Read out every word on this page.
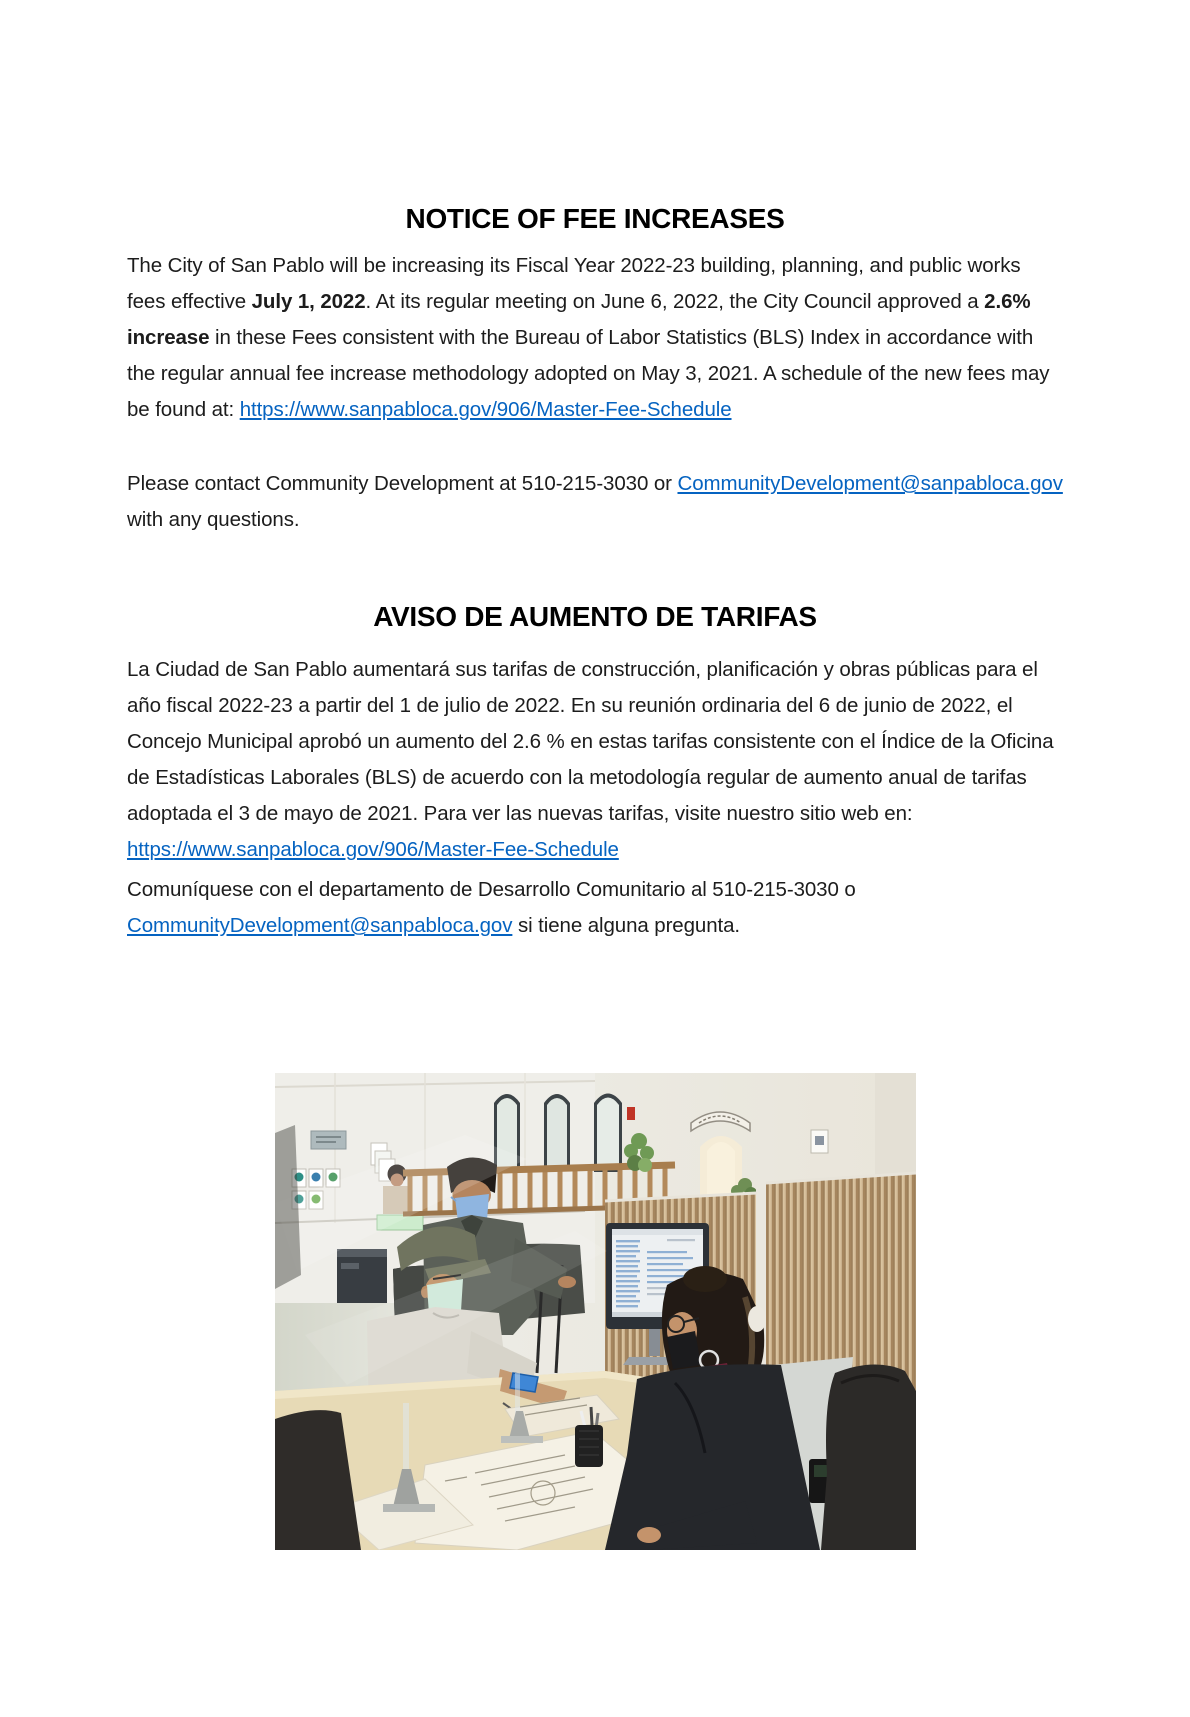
NOTICE OF FEE INCREASES
The City of San Pablo will be increasing its Fiscal Year 2022-23 building, planning, and public works fees effective July 1, 2022. At its regular meeting on June 6, 2022, the City Council approved a 2.6% increase in these Fees consistent with the Bureau of Labor Statistics (BLS) Index in accordance with the regular annual fee increase methodology adopted on May 3, 2021. A schedule of the new fees may be found at: https://www.sanpabloca.gov/906/Master-Fee-Schedule
Please contact Community Development at 510-215-3030 or CommunityDevelopment@sanpabloca.gov with any questions.
AVISO DE AUMENTO DE TARIFAS
La Ciudad de San Pablo aumentará sus tarifas de construcción, planificación y obras públicas para el año fiscal 2022-23 a partir del 1 de julio de 2022. En su reunión ordinaria del 6 de junio de 2022, el Concejo Municipal aprobó un aumento del 2.6 % en estas tarifas consistente con el Índice de la Oficina de Estadísticas Laborales (BLS) de acuerdo con la metodología regular de aumento anual de tarifas adoptada el 3 de mayo de 2021. Para ver las nuevas tarifas, visite nuestro sitio web en: https://www.sanpabloca.gov/906/Master-Fee-Schedule
Comuníquese con el departamento de Desarrollo Comunitario al 510-215-3030 o CommunityDevelopment@sanpabloca.gov si tiene alguna pregunta.
